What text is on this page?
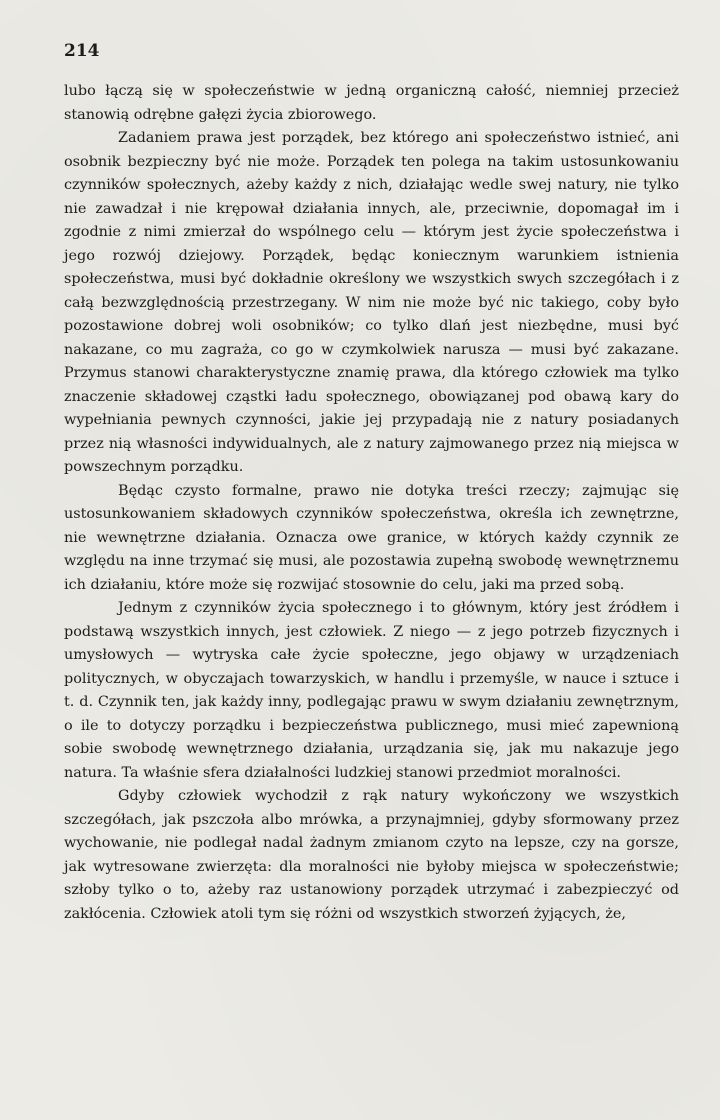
214

lubo łączą się w społeczeństwie w jedną organiczną całość, niemniej przecież stanowią odrębne gałęzi życia zbiorowego.

Zadaniem prawa jest porządek, bez którego ani społeczeństwo istnieć, ani osobnik bezpieczny być nie może. Porządek ten polega na takim ustosunkowaniu czynników społecznych, ażeby każdy z nich, działając wedle swej natury, nie tylko nie zawadzał i nie krępował działania innych, ale, przeciwnie, dopomagał im i zgodnie z nimi zmierzał do wspólnego celu — którym jest życie społeczeństwa i jego rozwój dziejowy. Porządek, będąc koniecznym warunkiem istnienia społeczeństwa, musi być dokładnie określony we wszystkich swych szczegółach i z całą bezwzględnością przestrzegany. W nim nie może być nic takiego, coby było pozostawione dobrej woli osobników; co tylko dlań jest niezbędne, musi być nakazane, co mu zagraża, co go w czymkolwiek narusza — musi być zakazane. Przymus stanowi charakterystyczne znamię prawa, dla którego człowiek ma tylko znaczenie składowej cząstki ładu społecznego, obowiązanej pod obawą kary do wypełniania pewnych czynności, jakie jej przypadają nie z natury posiadanych przez nią własności indywidualnych, ale z natury zajmowanego przez nią miejsca w powszechnym porządku.

Będąc czysto formalne, prawo nie dotyka treści rzeczy; zajmując się ustosunkowaniem składowych czynników społeczeństwa, określa ich zewnętrzne, nie wewnętrzne działania. Oznacza owe granice, w których każdy czynnik ze względu na inne trzymać się musi, ale pozostawia zupełną swobodę wewnętrznemu ich działaniu, które może się rozwijać stosownie do celu, jaki ma przed sobą.

Jednym z czynników życia społecznego i to głównym, który jest źródłem i podstawą wszystkich innych, jest człowiek. Z niego — z jego potrzeb fizycznych i umysłowych — wytryska całe życie społeczne, jego objawy w urządzeniach politycznych, w obyczajach towarzyskich, w handlu i przemyśle, w nauce i sztuce i t. d. Czynnik ten, jak każdy inny, podlegając prawu w swym działaniu zewnętrznym, o ile to dotyczy porządku i bezpieczeństwa publicznego, musi mieć zapewnioną sobie swobodę wewnętrznego działania, urządzania się, jak mu nakazuje jego natura. Ta właśnie sfera działalności ludzkiej stanowi przedmiot moralności.

Gdyby człowiek wychodził z rąk natury wykończony we wszystkich szczegółach, jak pszczoła albo mrówka, a przynajmniej, gdyby sformowany przez wychowanie, nie podlegał nadal żadnym zmianom czyto na lepsze, czy na gorsze, jak wytresowane zwierzęta: dla moralności nie byłoby miejsca w społeczeństwie; szłoby tylko o to, ażeby raz ustanowiony porządek utrzymać i zabezpieczyć od zakłócenia. Człowiek atoli tym się różni od wszystkich stworzeń żyjących, że,
